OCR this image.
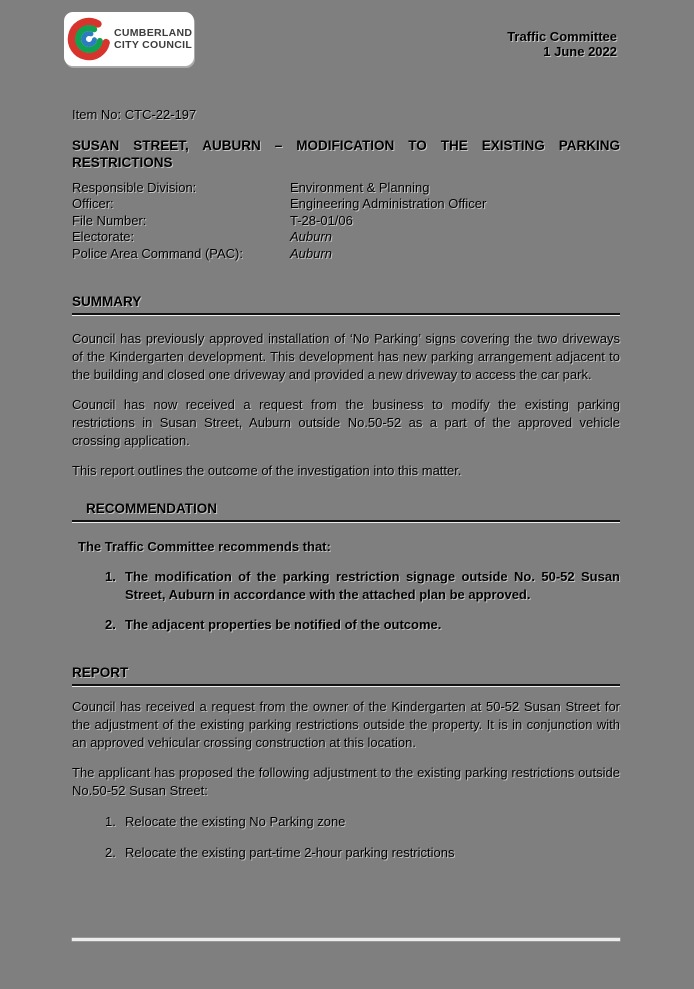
CUMBERLAND
CITY COUNCIL
Traffic Committee
1 June 2022

Item No: CTC-22-197

SUSAN STREET, AUBURN – MODIFICATION TO THE EXISTING PARKING RESTRICTIONS

Responsible Division:	Environment & Planning
Officer:	Engineering Administration Officer
File Number:	T-28-01/06
Electorate:	Auburn
Police Area Command (PAC):	Auburn
SUMMARY

Council has previously approved installation of ‘No Parking’ signs covering the two driveways of the Kindergarten development. This development has new parking arrangement adjacent to the building and closed one driveway and provided a new driveway to access the car park.

Council has now received a request from the business to modify the existing parking restrictions in Susan Street, Auburn outside No.50-52 as a part of the approved vehicle crossing application.

This report outlines the outcome of the investigation into this matter.

RECOMMENDATION

The Traffic Committee recommends that:

1. The modification of the parking restriction signage outside No. 50-52 Susan Street, Auburn in accordance with the attached plan be approved.
2. The adjacent properties be notified of the outcome.
REPORT

Council has received a request from the owner of the Kindergarten at 50-52 Susan Street for the adjustment of the existing parking restrictions outside the property. It is in conjunction with an approved vehicular crossing construction at this location.

The applicant has proposed the following adjustment to the existing parking restrictions outside No.50-52 Susan Street:

1. Relocate the existing No Parking zone
2. Relocate the existing part-time 2-hour parking restrictions
